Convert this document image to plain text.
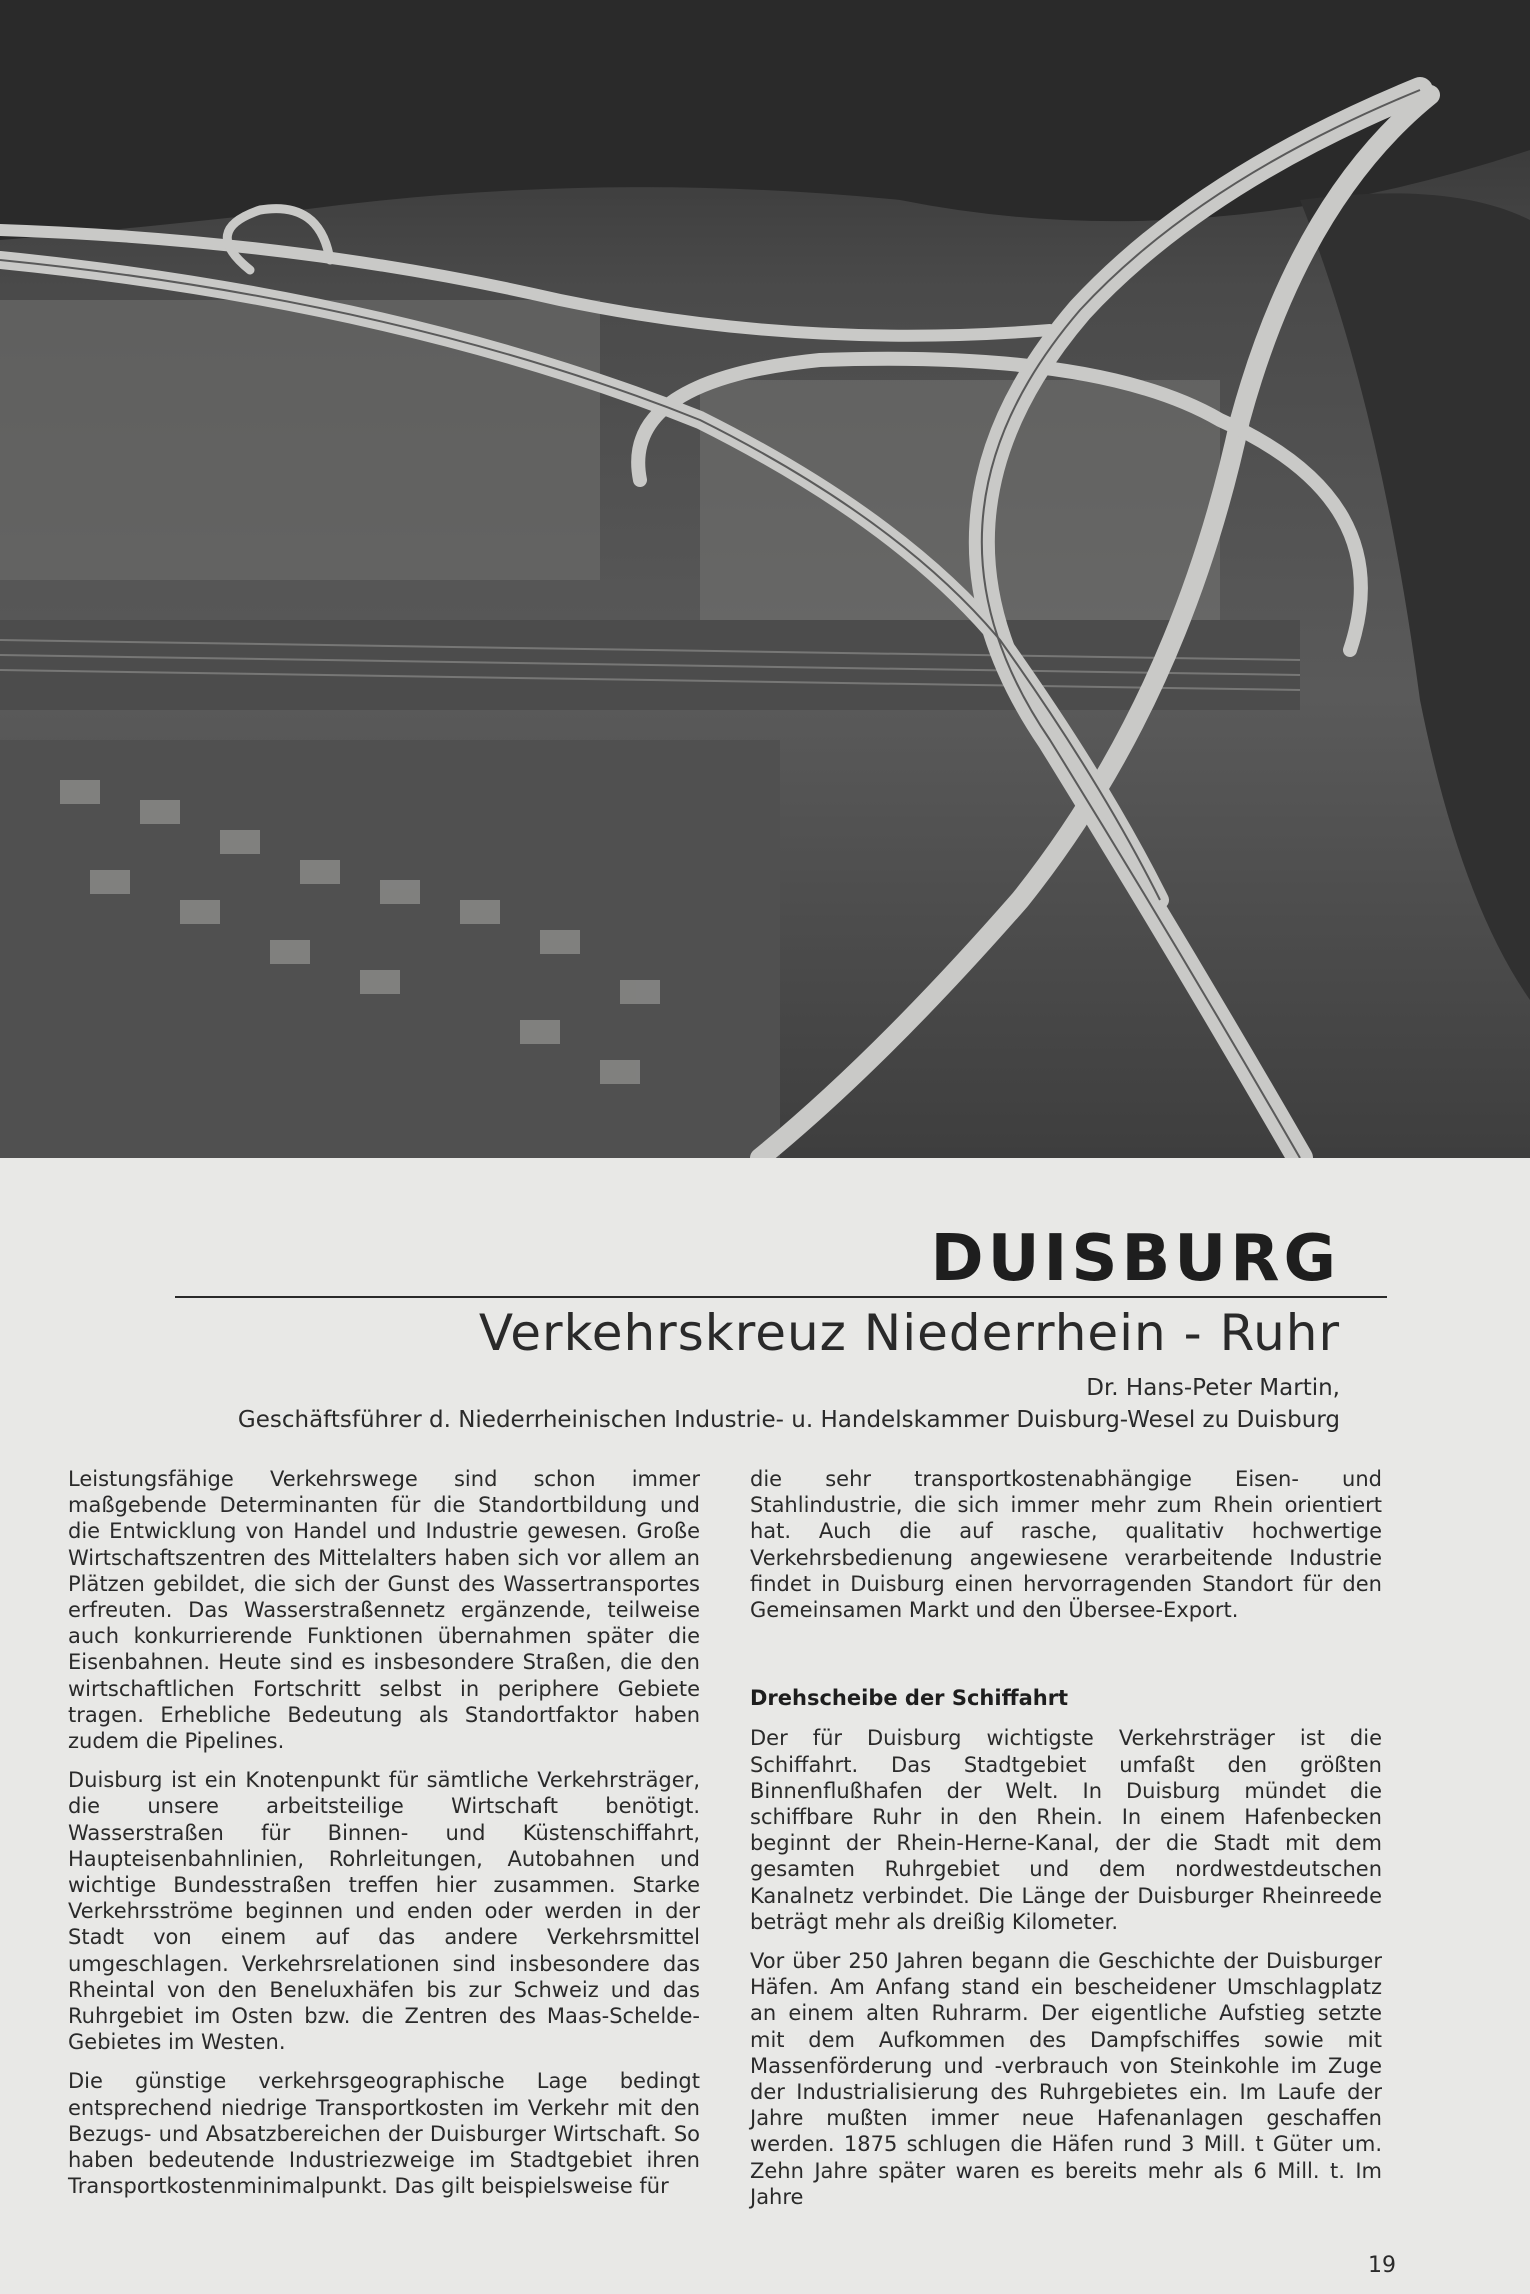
DUISBURG
Verkehrskreuz Niederrhein - Ruhr
Dr. Hans-Peter Martin,
Geschäftsführer d. Niederrheinischen Industrie- u. Handelskammer Duisburg-Wesel zu Duisburg

Leistungsfähige Verkehrswege sind schon immer maßgebende Determinanten für die Standortbildung und die Entwicklung von Handel und Industrie gewesen. Große Wirtschaftszentren des Mittelalters haben sich vor allem an Plätzen gebildet, die sich der Gunst des Wassertransportes erfreuten. Das Wasserstraßennetz ergänzende, teilweise auch konkurrierende Funktionen übernahmen später die Eisenbahnen. Heute sind es insbesondere Straßen, die den wirtschaftlichen Fortschritt selbst in periphere Gebiete tragen. Erhebliche Bedeutung als Standortfaktor haben zudem die Pipelines.

Duisburg ist ein Knotenpunkt für sämtliche Verkehrsträger, die unsere arbeitsteilige Wirtschaft benötigt. Wasserstraßen für Binnen- und Küstenschiffahrt, Haupteisenbahnlinien, Rohrleitungen, Autobahnen und wichtige Bundesstraßen treffen hier zusammen. Starke Verkehrsströme beginnen und enden oder werden in der Stadt von einem auf das andere Verkehrsmittel umgeschlagen. Verkehrsrelationen sind insbesondere das Rheintal von den Beneluxhäfen bis zur Schweiz und das Ruhrgebiet im Osten bzw. die Zentren des Maas-Schelde-Gebietes im Westen.

Die günstige verkehrsgeographische Lage bedingt entsprechend niedrige Transportkosten im Verkehr mit den Bezugs- und Absatzbereichen der Duisburger Wirtschaft. So haben bedeutende Industriezweige im Stadtgebiet ihren Transportkostenminimalpunkt. Das gilt beispielsweise für

die sehr transportkostenabhängige Eisen- und Stahlindustrie, die sich immer mehr zum Rhein orientiert hat. Auch die auf rasche, qualitativ hochwertige Verkehrsbedienung angewiesene verarbeitende Industrie findet in Duisburg einen hervorragenden Standort für den Gemeinsamen Markt und den Übersee-Export.

Drehscheibe der Schiffahrt

Der für Duisburg wichtigste Verkehrsträger ist die Schiffahrt. Das Stadtgebiet umfaßt den größten Binnenflußhafen der Welt. In Duisburg mündet die schiffbare Ruhr in den Rhein. In einem Hafenbecken beginnt der Rhein-Herne-Kanal, der die Stadt mit dem gesamten Ruhrgebiet und dem nordwestdeutschen Kanalnetz verbindet. Die Länge der Duisburger Rheinreede beträgt mehr als dreißig Kilometer.

Vor über 250 Jahren begann die Geschichte der Duisburger Häfen. Am Anfang stand ein bescheidener Umschlagplatz an einem alten Ruhrarm. Der eigentliche Aufstieg setzte mit dem Aufkommen des Dampfschiffes sowie mit Massenförderung und -verbrauch von Steinkohle im Zuge der Industrialisierung des Ruhrgebietes ein. Im Laufe der Jahre mußten immer neue Hafenanlagen geschaffen werden. 1875 schlugen die Häfen rund 3 Mill. t Güter um. Zehn Jahre später waren es bereits mehr als 6 Mill. t. Im Jahre

19
